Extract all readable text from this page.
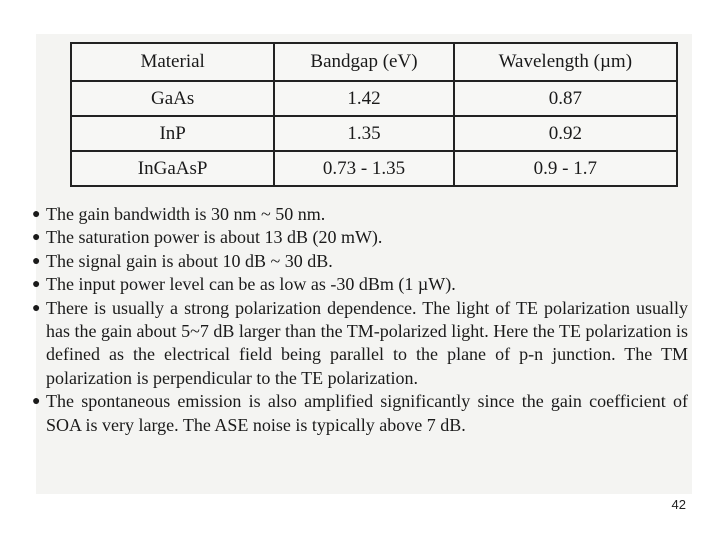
Material	Bandgap (eV)	Wavelength (µm)
GaAs	1.42	0.87
InP	1.35	0.92
InGaAsP	0.73 - 1.35	0.9 - 1.7
● The gain bandwidth is 30 nm ~ 50 nm.
● The saturation power is about 13 dB (20 mW).
● The signal gain is about 10 dB ~ 30 dB.
● The input power level can be as low as -30 dBm (1 µW).
● There is usually a strong polarization dependence. The light of TE polarization usually has the gain about 5~7 dB larger than the TM-polarized light. Here the TE polarization is defined as the electrical field being parallel to the plane of p-n junction. The TM polarization is perpendicular to the TE polarization.
● The spontaneous emission is also amplified significantly since the gain coefficient of SOA is very large. The ASE noise is typically above 7 dB.
42
